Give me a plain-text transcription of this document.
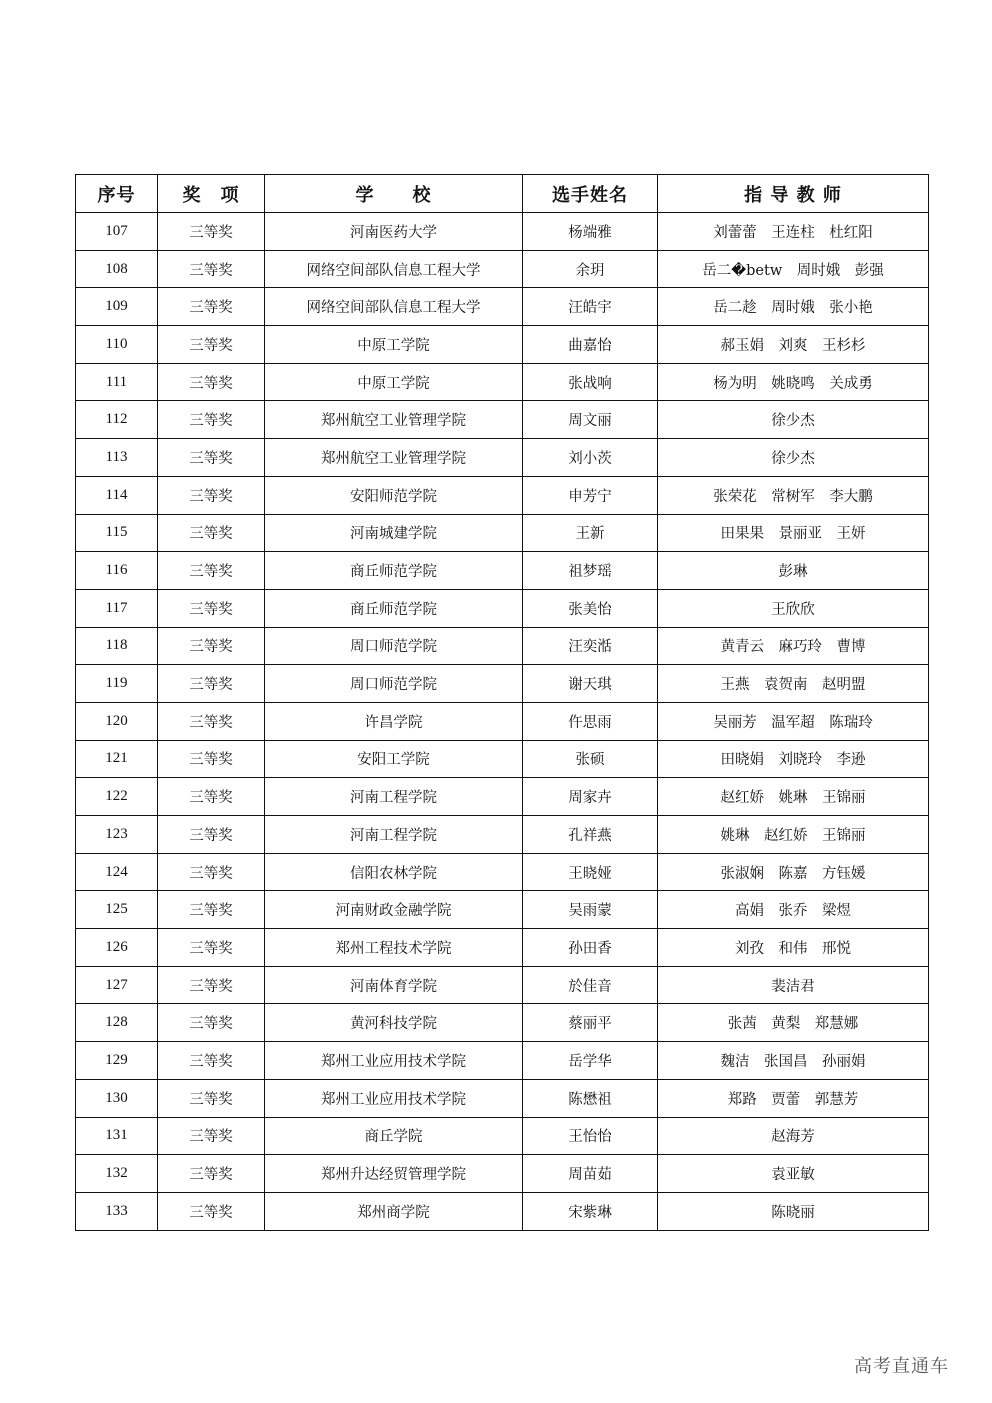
序号	奖　项	学　　校	选手姓名	指 导 教 师
107	三等奖	河南医药大学	杨端雅	刘蕾蕾　王连柱　杜红阳
108	三等奖	网络空间部队信息工程大学	余玥	岳二�betw　周时娥　彭强
109	三等奖	网络空间部队信息工程大学	汪皓宇	岳二趁　周时娥　张小艳
110	三等奖	中原工学院	曲嘉怡	郝玉娟　刘爽　王杉杉
111	三等奖	中原工学院	张战响	杨为明　姚晓鸣　关成勇
112	三等奖	郑州航空工业管理学院	周文丽	徐少杰
113	三等奖	郑州航空工业管理学院	刘小茨	徐少杰
114	三等奖	安阳师范学院	申芳宁	张荣花　常树军　李大鹏
115	三等奖	河南城建学院	王新	田果果　景丽亚　王妍
116	三等奖	商丘师范学院	祖梦瑶	彭琳
117	三等奖	商丘师范学院	张美怡	王欣欣
118	三等奖	周口师范学院	汪奕湉	黄青云　麻巧玲　曹博
119	三等奖	周口师范学院	谢天琪	王燕　袁贺南　赵明盟
120	三等奖	许昌学院	仵思雨	吴丽芳　温军超　陈瑞玲
121	三等奖	安阳工学院	张硕	田晓娟　刘晓玲　李逊
122	三等奖	河南工程学院	周家卉	赵红娇　姚琳　王锦丽
123	三等奖	河南工程学院	孔祥燕	姚琳　赵红娇　王锦丽
124	三等奖	信阳农林学院	王晓娅	张淑娴　陈嘉　方钰媛
125	三等奖	河南财政金融学院	吴雨蒙	高娟　张乔　梁煜
126	三等奖	郑州工程技术学院	孙田香	刘孜　和伟　邢悦
127	三等奖	河南体育学院	於佳音	裴洁君
128	三等奖	黄河科技学院	蔡丽平	张茜　黄梨　郑慧娜
129	三等奖	郑州工业应用技术学院	岳学华	魏洁　张国昌　孙丽娟
130	三等奖	郑州工业应用技术学院	陈懋祖	郑路　贾蕾　郭慧芳
131	三等奖	商丘学院	王怡怡	赵海芳
132	三等奖	郑州升达经贸管理学院	周苗茹	袁亚敏
133	三等奖	郑州商学院	宋紫琳	陈晓丽
高考直通车
